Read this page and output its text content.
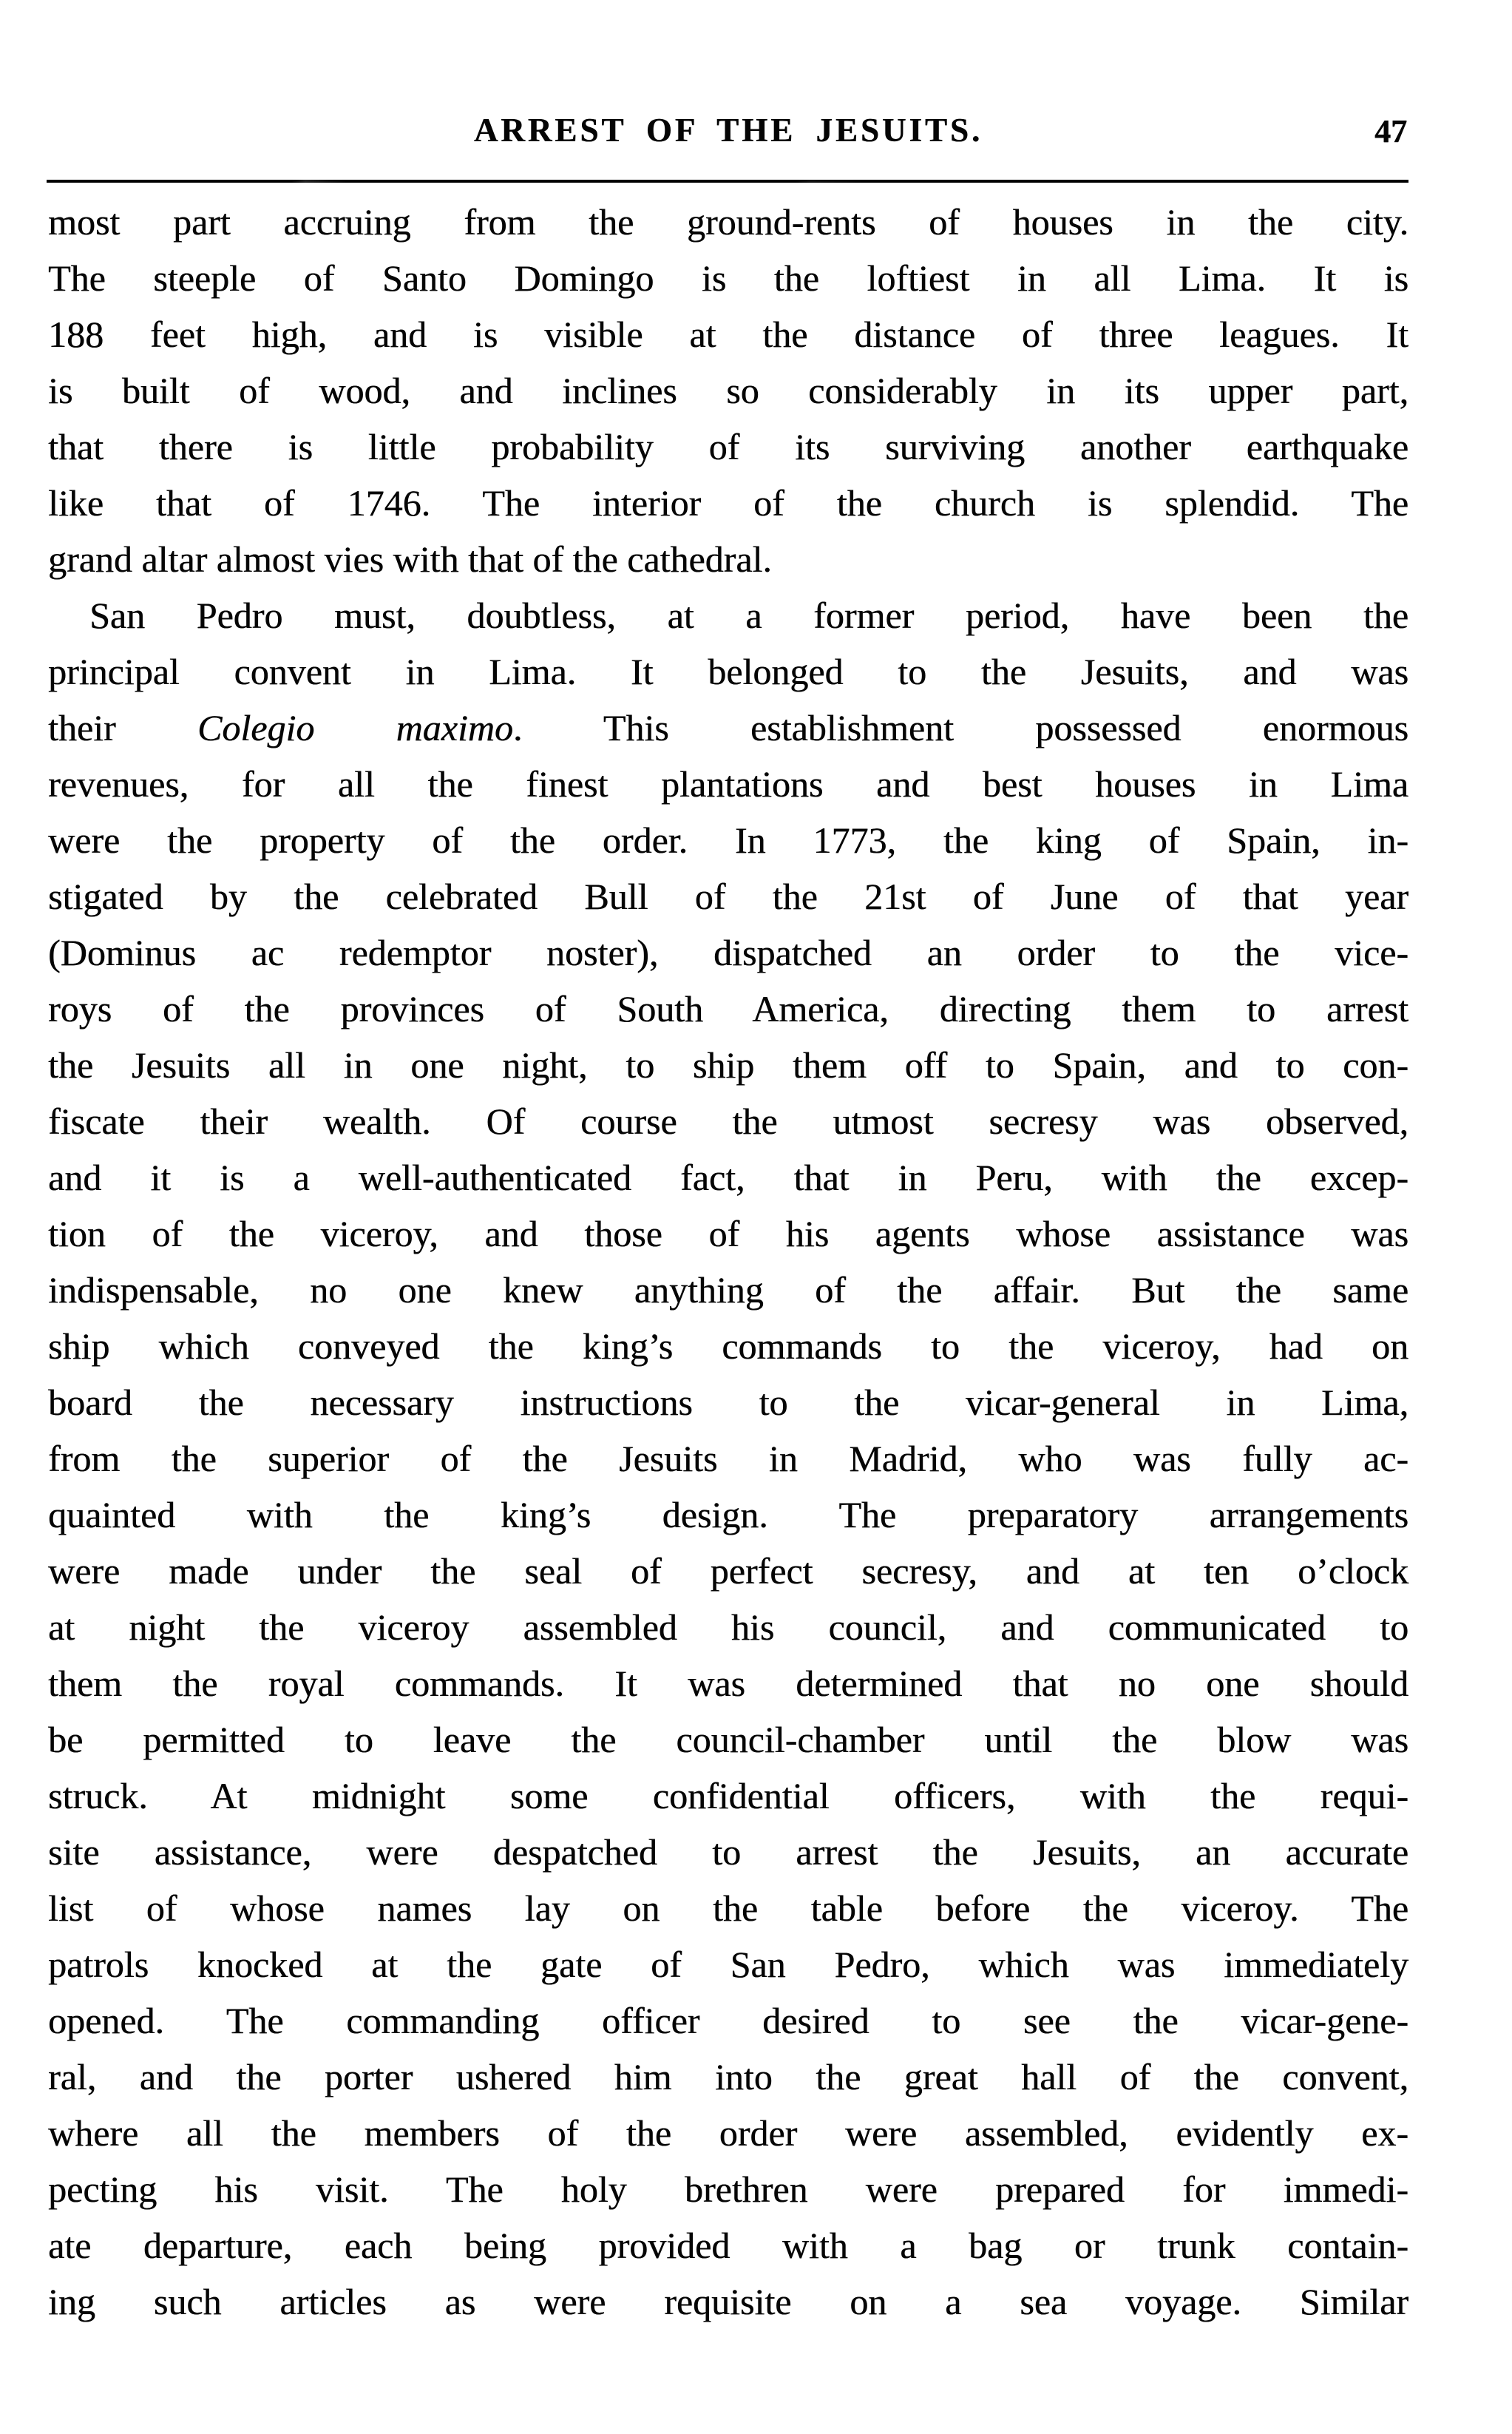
ARREST OF THE JESUITS.	47
most part accruing from the ground-rents of houses in the city.
The steeple of Santo Domingo is the loftiest in all Lima. It is
188 feet high, and is visible at the distance of three leagues. It
is built of wood, and inclines so considerably in its upper part,
that there is little probability of its surviving another earthquake
like that of 1746. The interior of the church is splendid. The
grand altar almost vies with that of the cathedral.
San Pedro must, doubtless, at a former period, have been the
principal convent in Lima. It belonged to the Jesuits, and was
their Colegio maximo. This establishment possessed enormous
revenues, for all the finest plantations and best houses in Lima
were the property of the order. In 1773, the king of Spain, in-
stigated by the celebrated Bull of the 21st of June of that year
(Dominus ac redemptor noster), dispatched an order to the vice-
roys of the provinces of South America, directing them to arrest
the Jesuits all in one night, to ship them off to Spain, and to con-
fiscate their wealth. Of course the utmost secresy was observed,
and it is a well-authenticated fact, that in Peru, with the excep-
tion of the viceroy, and those of his agents whose assistance was
indispensable, no one knew anything of the affair. But the same
ship which conveyed the king’s commands to the viceroy, had on
board the necessary instructions to the vicar-general in Lima,
from the superior of the Jesuits in Madrid, who was fully ac-
quainted with the king’s design. The preparatory arrangements
were made under the seal of perfect secresy, and at ten o’clock
at night the viceroy assembled his council, and communicated to
them the royal commands. It was determined that no one should
be permitted to leave the council-chamber until the blow was
struck. At midnight some confidential officers, with the requi-
site assistance, were despatched to arrest the Jesuits, an accurate
list of whose names lay on the table before the viceroy. The
patrols knocked at the gate of San Pedro, which was immediately
opened. The commanding officer desired to see the vicar-gene-
ral, and the porter ushered him into the great hall of the convent,
where all the members of the order were assembled, evidently ex-
pecting his visit. The holy brethren were prepared for immedi-
ate departure, each being provided with a bag or trunk contain-
ing such articles as were requisite on a sea voyage. Similar
